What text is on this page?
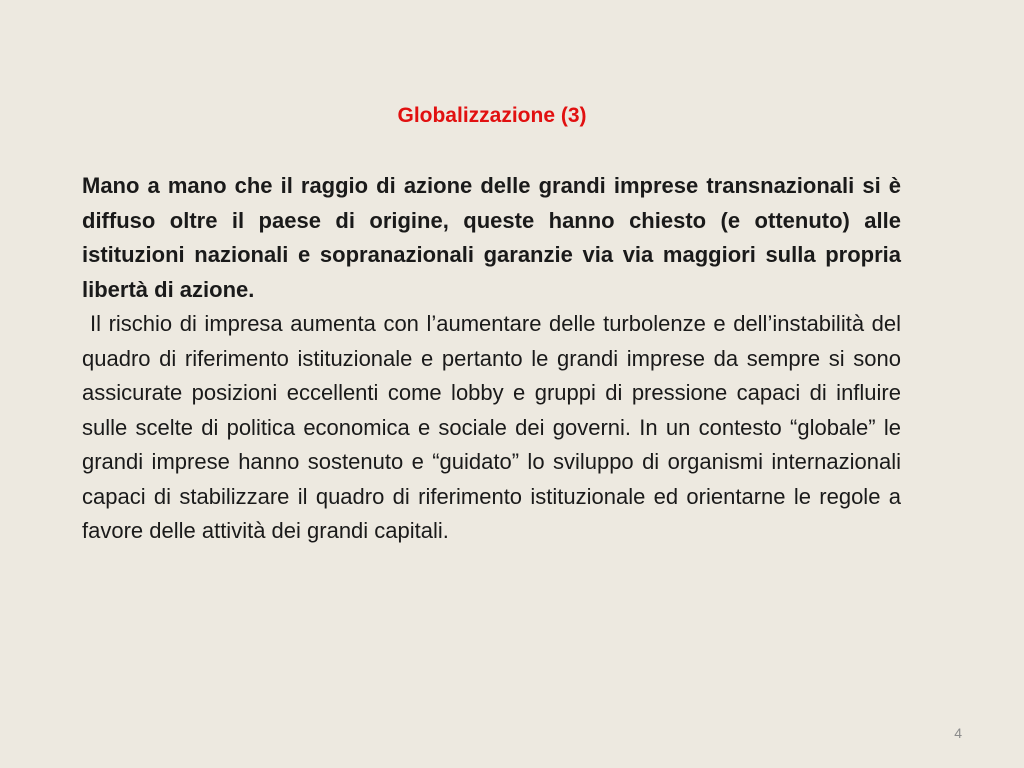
Globalizzazione (3)

Mano a mano che il raggio di azione delle grandi imprese transnazionali si è diffuso oltre il paese di origine, queste hanno chiesto (e ottenuto) alle istituzioni nazionali e sopranazionali garanzie via via maggiori sulla propria libertà di azione.

Il rischio di impresa aumenta con l’aumentare delle turbolenze e dell’instabilità del quadro di riferimento istituzionale e pertanto le grandi imprese da sempre si sono assicurate posizioni eccellenti come lobby e gruppi di pressione capaci di influire sulle scelte di politica economica e sociale dei governi. In un contesto “globale” le grandi imprese hanno sostenuto e “guidato” lo sviluppo di organismi internazionali capaci di stabilizzare il quadro di riferimento istituzionale ed orientarne le regole a favore delle attività dei grandi capitali.

4
